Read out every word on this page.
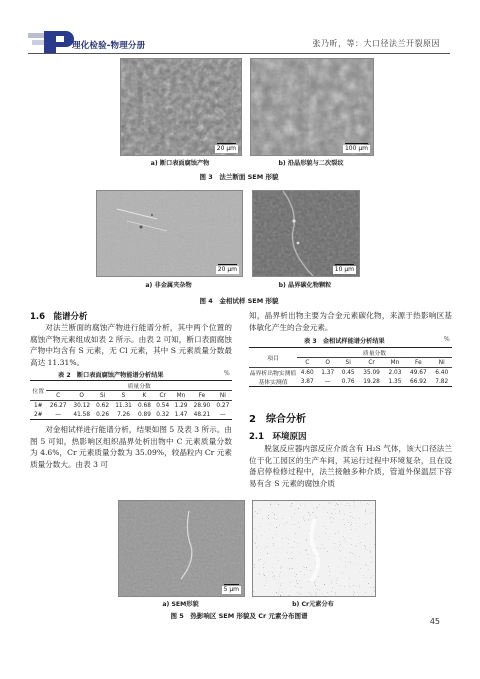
理化检验-物理分册	张乃昕，等：大口径法兰开裂原因
20 μm	100 μm
a) 断口表面腐蚀产物	b) 沿晶形貌与二次裂纹
图 3　法兰断面 SEM 形貌
20 μm	10 μm
a) 非金属夹杂物	b) 晶界碳化物颗粒
图 4　金相试样 SEM 形貌
1.6　能谱分析

对法兰断面的腐蚀产物进行能谱分析，其中两个位置的腐蚀产物元素组成如表 2 所示。由表 2 可知，断口表面腐蚀产物中均含有 S 元素，无 Cl 元素，其中 S 元素质量分数最高达 11.31%。

表 2　断口表面腐蚀产物能谱分析结果	%
位置	质量分数								
	C	O	Si	S	K	Cr	Mn	Fe	Ni
1#	26.27	30.12	0.62	11.31	0.68	0.54	1.29	28.90	0.27
2#	—	41.58	0.26	7.26	0.89	0.32	1.47	48.21	—

对金相试样进行能谱分析，结果如图 5 及表 3 所示。由图 5 可知，热影响区组织晶界处析出物中 C 元素质量分数为 4.6%，Cr 元素质量分数为 35.09%，较晶粒内 Cr 元素质量分数大。由表 3 可

知，晶界析出物主要为合金元素碳化物，来源于热影响区基体敏化产生的合金元素。

表 3　金相试样能谱分析结果	%
项目	质量分数						
	C	O	Si	Cr	Mn	Fe	Ni
晶界析出物实测值	4.60	1.37	0.45	35.09	2.03	49.67	6.40
基体实测值	3.87	—	0.76	19.28	1.35	66.92	7.82
2　综合分析
2.1　环境原因

脱氢反应器内部反应介质含有 H₂S 气体，该大口径法兰位于化工园区的生产车间，其运行过程中环境复杂，且在设备启停检修过程中，法兰接触多种介质，管道外保温层下容易有含 S 元素的腐蚀介质

5 μm
a) SEM形貌	b) Cr元素分布
图 5　热影响区 SEM 形貌及 Cr 元素分布图谱
45
